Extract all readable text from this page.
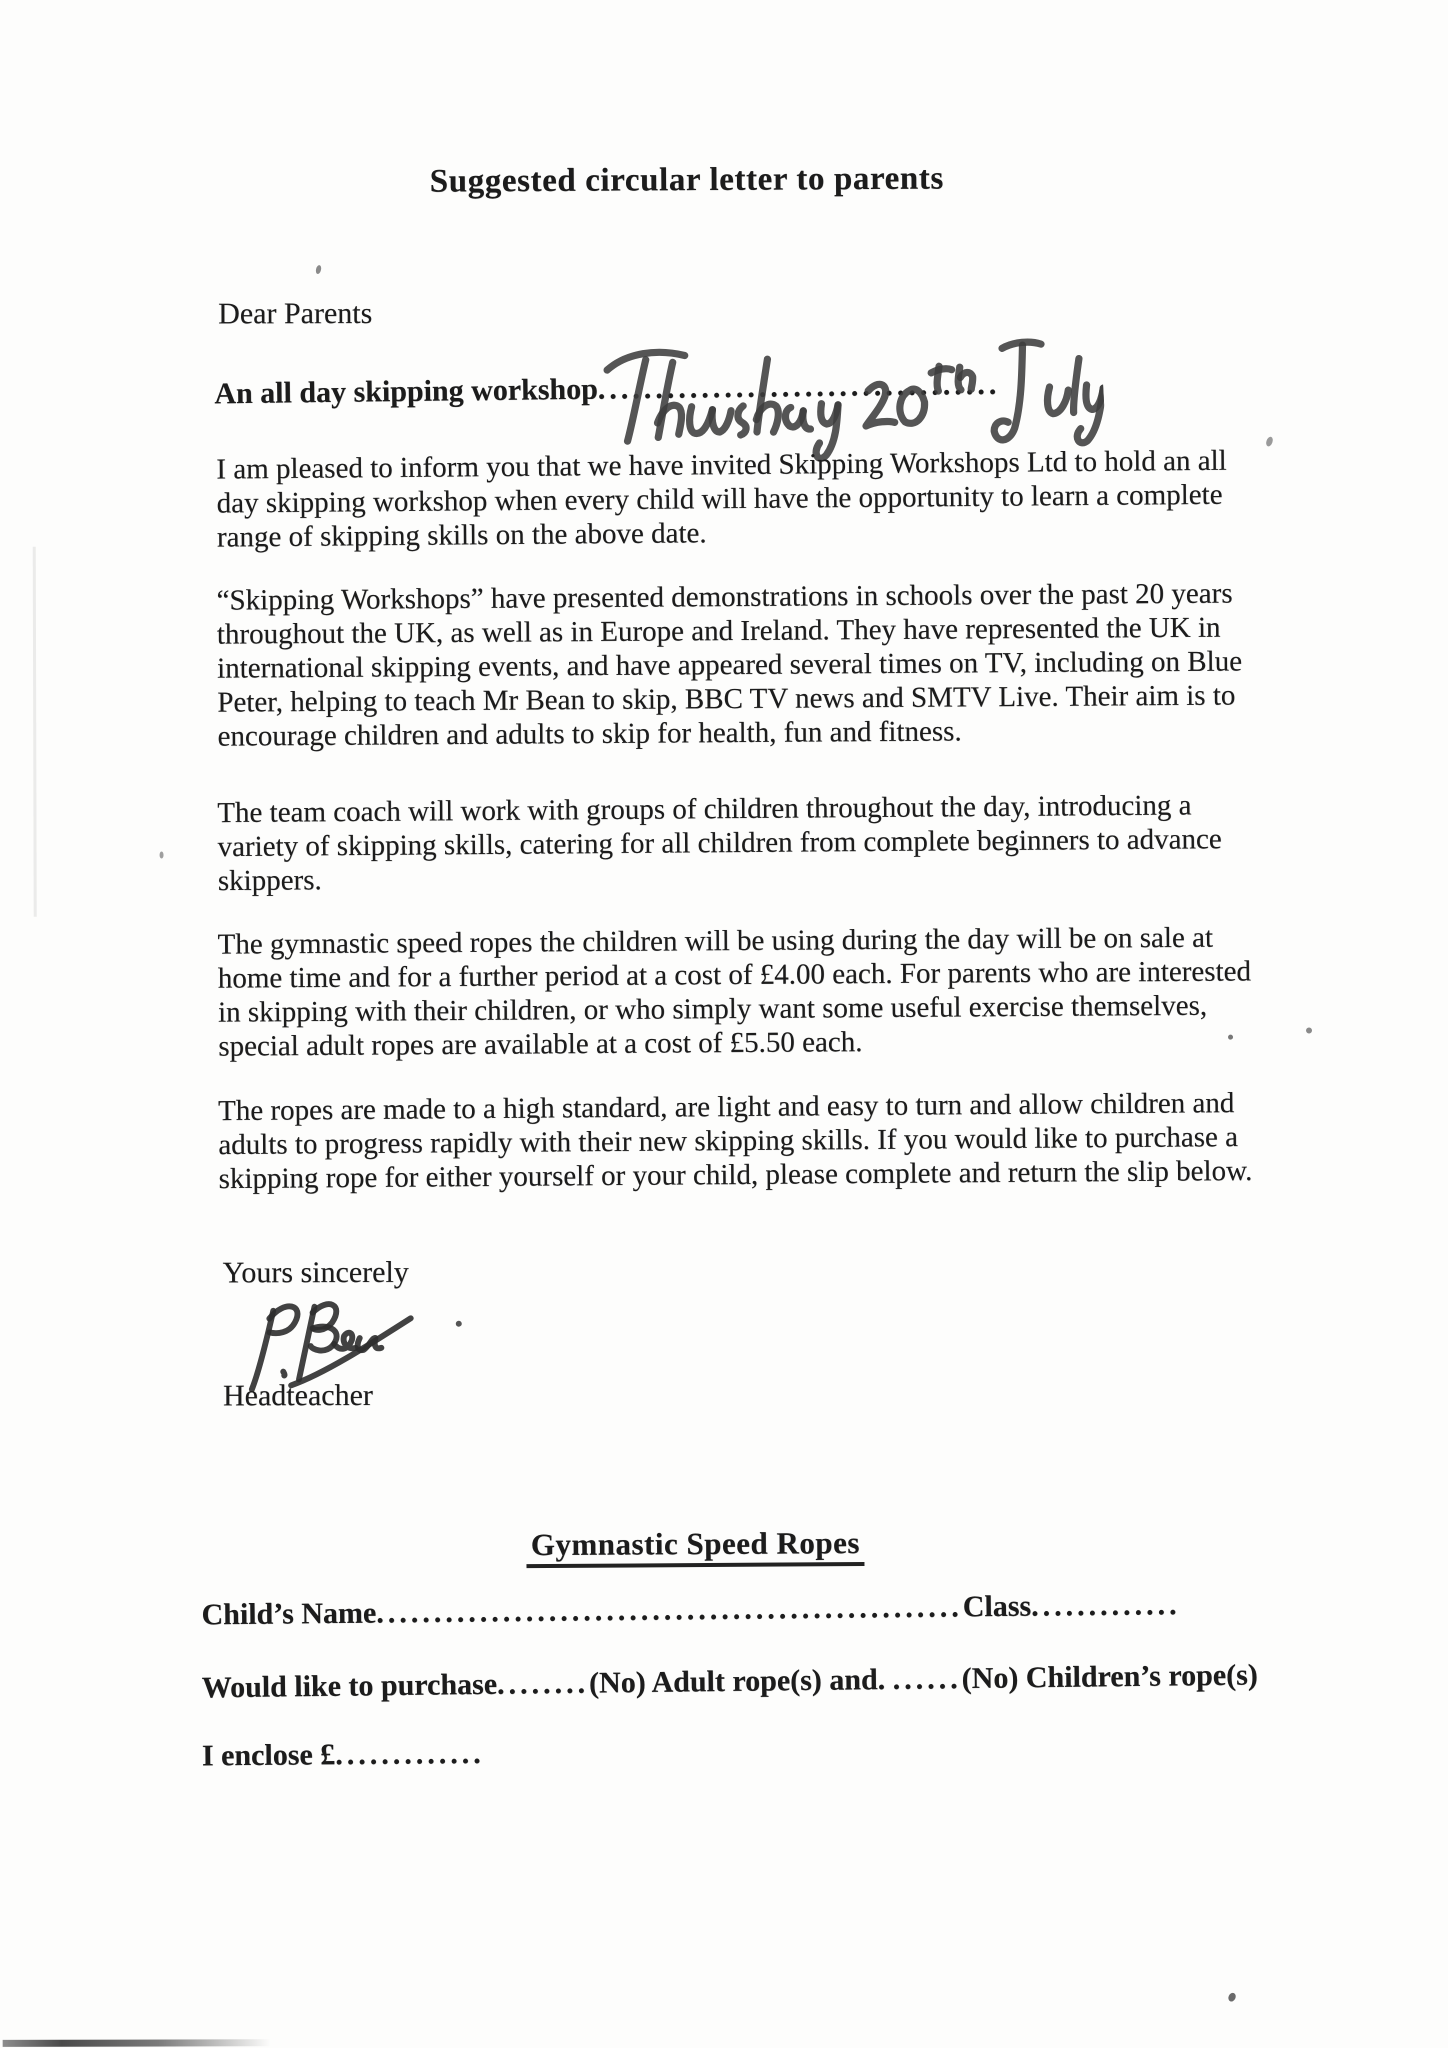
Suggested circular letter to parents
Dear Parents
An all day skipping workshop...................................
I am pleased to inform you that we have invited Skipping Workshops Ltd to hold an all day skipping workshop when every child will have the opportunity to learn a complete range of skipping skills on the above date.
“Skipping Workshops” have presented demonstrations in schools over the past 20 years throughout the UK, as well as in Europe and Ireland. They have represented the UK in international skipping events, and have appeared several times on TV, including on Blue Peter, helping to teach Mr Bean to skip, BBC TV news and SMTV Live. Their aim is to encourage children and adults to skip for health, fun and fitness.
The team coach will work with groups of children throughout the day, introducing a variety of skipping skills, catering for all children from complete beginners to advance skippers.
The gymnastic speed ropes the children will be using during the day will be on sale at home time and for a further period at a cost of £4.00 each. For parents who are interested in skipping with their children, or who simply want some useful exercise themselves, special adult ropes are available at a cost of £5.50 each.
The ropes are made to a high standard, are light and easy to turn and allow children and adults to progress rapidly with their new skipping skills. If you would like to purchase a skipping rope for either yourself or your child, please complete and return the slip below.
Yours sincerely
Headteacher
Gymnastic Speed Ropes
Child’s Name...................................................Class.............
Would like to purchase........(No) Adult rope(s) and. ......(No) Children’s rope(s)
I enclose £.............
